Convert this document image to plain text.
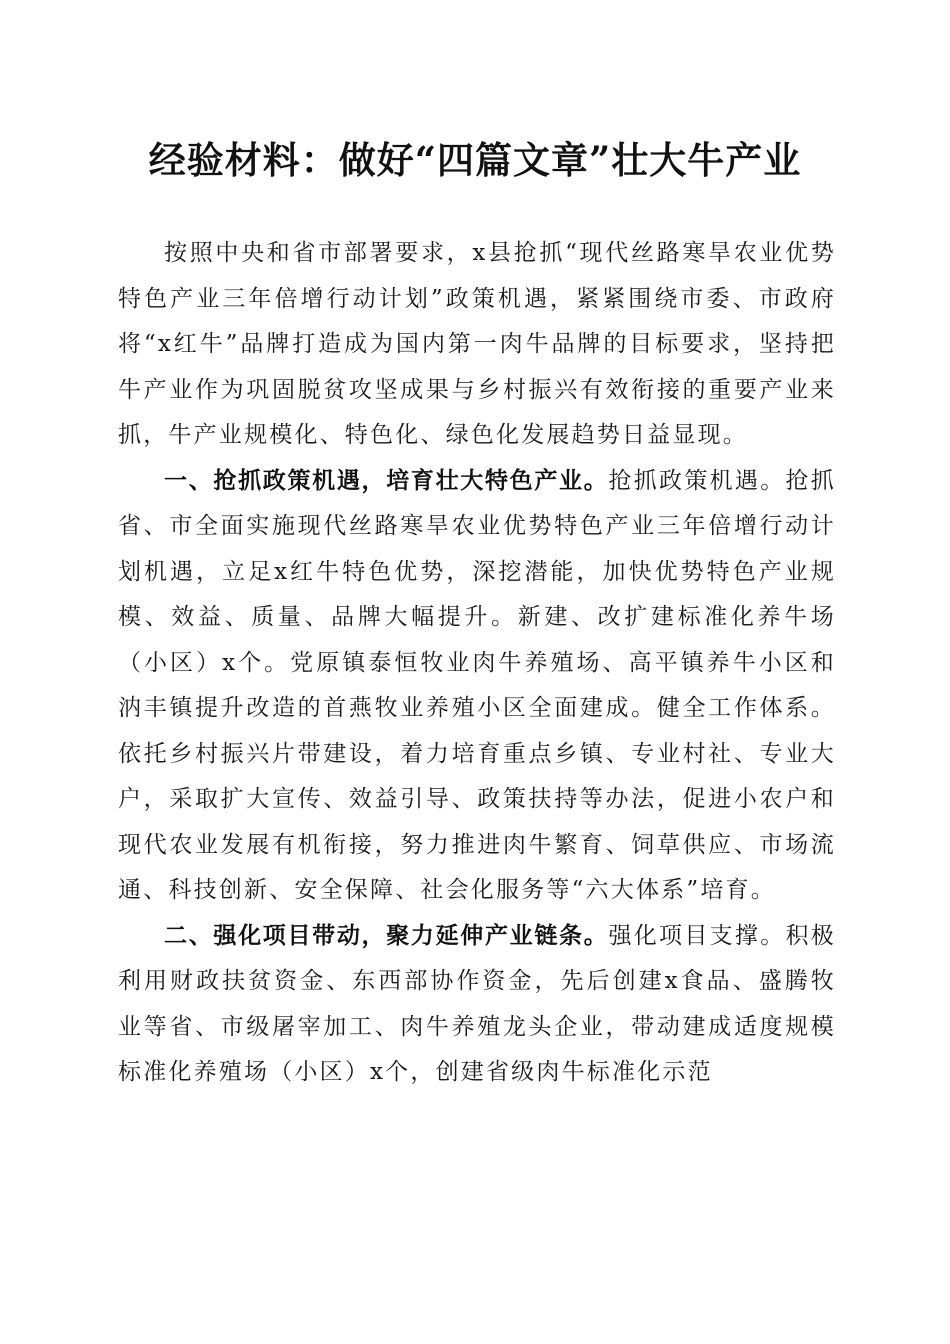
经验材料：做好“四篇文章”壮大牛产业

按照中央和省市部署要求，x县抢抓“现代丝路寒旱农业优势特色产业三年倍增行动计划”政策机遇，紧紧围绕市委、市政府将“x红牛”品牌打造成为国内第一肉牛品牌的目标要求，坚持把牛产业作为巩固脱贫攻坚成果与乡村振兴有效衔接的重要产业来抓，牛产业规模化、特色化、绿色化发展趋势日益显现。

一、抢抓政策机遇，培育壮大特色产业。抢抓政策机遇。抢抓省、市全面实施现代丝路寒旱农业优势特色产业三年倍增行动计划机遇，立足x红牛特色优势，深挖潜能，加快优势特色产业规模、效益、质量、品牌大幅提升。新建、改扩建标准化养牛场（小区）x个。党原镇泰恒牧业肉牛养殖场、高平镇养牛小区和汭丰镇提升改造的首燕牧业养殖小区全面建成。健全工作体系。依托乡村振兴片带建设，着力培育重点乡镇、专业村社、专业大户，采取扩大宣传、效益引导、政策扶持等办法，促进小农户和现代农业发展有机衔接，努力推进肉牛繁育、饲草供应、市场流通、科技创新、安全保障、社会化服务等“六大体系”培育。

二、强化项目带动，聚力延伸产业链条。强化项目支撑。积极利用财政扶贫资金、东西部协作资金，先后创建x食品、盛腾牧业等省、市级屠宰加工、肉牛养殖龙头企业，带动建成适度规模标准化养殖场（小区）x个，创建省级肉牛标准化示范
